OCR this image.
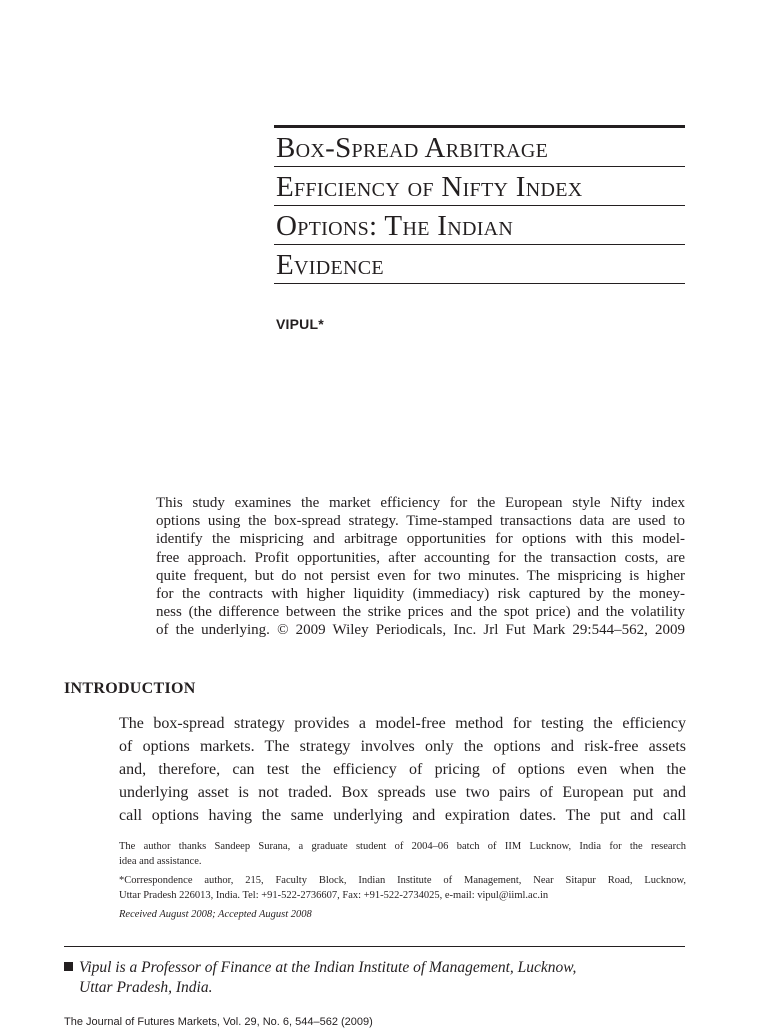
Box-Spread Arbitrage
Efficiency of Nifty Index
Options: The Indian
Evidence
VIPUL*
This study examines the market efficiency for the European style Nifty index
options using the box-spread strategy. Time-stamped transactions data are used to
identify the mispricing and arbitrage opportunities for options with this model-
free approach. Profit opportunities, after accounting for the transaction costs, are
quite frequent, but do not persist even for two minutes. The mispricing is higher
for the contracts with higher liquidity (immediacy) risk captured by the money-
ness (the difference between the strike prices and the spot price) and the volatility
of the underlying. © 2009 Wiley Periodicals, Inc. Jrl Fut Mark 29:544–562, 2009
INTRODUCTION
The box-spread strategy provides a model-free method for testing the efficiency
of options markets. The strategy involves only the options and risk-free assets
and, therefore, can test the efficiency of pricing of options even when the
underlying asset is not traded. Box spreads use two pairs of European put and
call options having the same underlying and expiration dates. The put and call
The author thanks Sandeep Surana, a graduate student of 2004–06 batch of IIM Lucknow, India for the research
idea and assistance.
*Correspondence author, 215, Faculty Block, Indian Institute of Management, Near Sitapur Road, Lucknow,
Uttar Pradesh 226013, India. Tel: +91-522-2736607, Fax: +91-522-2734025, e-mail: vipul@iiml.ac.in
Received August 2008; Accepted August 2008
Vipul is a Professor of Finance at the Indian Institute of Management, Lucknow,
Uttar Pradesh, India.
The Journal of Futures Markets, Vol. 29, No. 6, 544–562 (2009)
